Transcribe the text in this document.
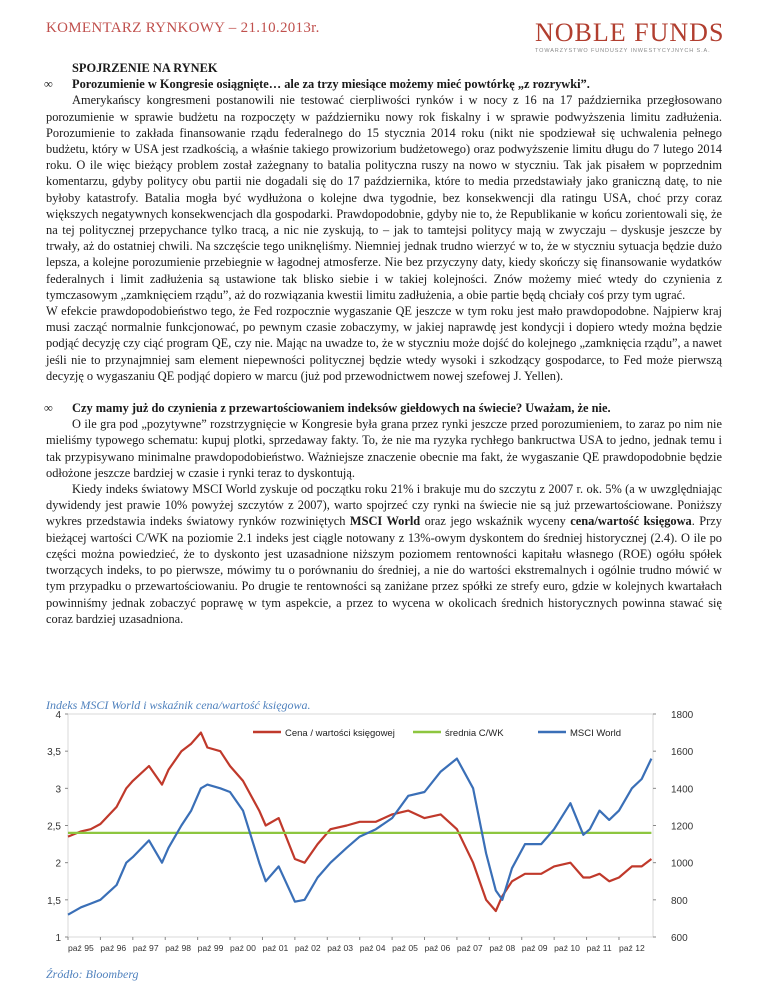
KOMENTARZ RYNKOWY – 21.10.2013r.	NOBLE FUNDS
TOWARZYSTWO FUNDUSZY INWESTYCYJNYCH S.A.

SPOJRZENIE NA RYNEK

∞ Porozumienie w Kongresie osiągnięte… ale za trzy miesiące możemy mieć powtórkę „z rozrywki”.

Amerykańscy kongresmeni postanowili nie testować cierpliwości rynków i w nocy z 16 na 17 października przegłosowano porozumienie w sprawie budżetu na rozpoczęty w październiku nowy rok fiskalny i w sprawie podwyższenia limitu zadłużenia. Porozumienie to zakłada finansowanie rządu federalnego do 15 stycznia 2014 roku (nikt nie spodziewał się uchwalenia pełnego budżetu, który w USA jest rzadkością, a właśnie takiego prowizorium budżetowego) oraz podwyższenie limitu długu do 7 lutego 2014 roku. O ile więc bieżący problem został zażegnany to batalia polityczna ruszy na nowo w styczniu. Tak jak pisałem w poprzednim komentarzu, gdyby politycy obu partii nie dogadali się do 17 października, które to media przedstawiały jako graniczną datę, to nie byłoby katastrofy. Batalia mogła być wydłużona o kolejne dwa tygodnie, bez konsekwencji dla ratingu USA, choć przy coraz większych negatywnych konsekwencjach dla gospodarki. Prawdopodobnie, gdyby nie to, że Republikanie w końcu zorientowali się, że na tej politycznej przepychance tylko tracą, a nic nie zyskują, to – jak to tamtejsi politycy mają w zwyczaju – dyskusje jeszcze by trwały, aż do ostatniej chwili. Na szczęście tego uniknęliśmy. Niemniej jednak trudno wierzyć w to, że w styczniu sytuacja będzie dużo lepsza, a kolejne porozumienie przebiegnie w łagodnej atmosferze. Nie bez przyczyny daty, kiedy skończy się finansowanie wydatków federalnych i limit zadłużenia są ustawione tak blisko siebie i w takiej kolejności. Znów możemy mieć wtedy do czynienia z tymczasowym „zamknięciem rządu”, aż do rozwiązania kwestii limitu zadłużenia, a obie partie będą chciały coś przy tym ugrać.

W efekcie prawdopodobieństwo tego, że Fed rozpocznie wygaszanie QE jeszcze w tym roku jest mało prawdopodobne. Najpierw kraj musi zacząć normalnie funkcjonować, po pewnym czasie zobaczymy, w jakiej naprawdę jest kondycji i dopiero wtedy można będzie podjąć decyzję czy ciąć program QE, czy nie. Mając na uwadze to, że w styczniu może dojść do kolejnego „zamknięcia rządu”, a nawet jeśli nie to przynajmniej sam element niepewności politycznej będzie wtedy wysoki i szkodzący gospodarce, to Fed może pierwszą decyzję o wygaszaniu QE podjąć dopiero w marcu (już pod przewodnictwem nowej szefowej J. Yellen).

∞ Czy mamy już do czynienia z przewartościowaniem indeksów giełdowych na świecie? Uważam, że nie.

O ile gra pod „pozytywne” rozstrzygnięcie w Kongresie była grana przez rynki jeszcze przed porozumieniem, to zaraz po nim nie mieliśmy typowego schematu: kupuj plotki, sprzedaway fakty. To, że nie ma ryzyka rychłego bankructwa USA to jedno, jednak temu i tak przypisywano minimalne prawdopodobieństwo. Ważniejsze znaczenie obecnie ma fakt, że wygaszanie QE prawdopodobnie będzie odłożone jeszcze bardziej w czasie i rynki teraz to dyskontują.

Kiedy indeks światowy MSCI World zyskuje od początku roku 21% i brakuje mu do szczytu z 2007 r. ok. 5% (a w uwzględniając dywidendy jest prawie 10% powyżej szczytów z 2007), warto spojrzeć czy rynki na świecie nie są już przewartościowane. Poniższy wykres przedstawia indeks światowy rynków rozwiniętych MSCI World oraz jego wskaźnik wyceny cena/wartość księgowa. Przy bieżącej wartości C/WK na poziomie 2.1 indeks jest ciągle notowany z 13%-owym dyskontem do średniej historycznej (2.4). O ile po części można powiedzieć, że to dyskonto jest uzasadnione niższym poziomem rentowności kapitału własnego (ROE) ogółu spółek tworzących indeks, to po pierwsze, mówimy tu o porównaniu do średniej, a nie do wartości ekstremalnych i ogólnie trudno mówić w tym przypadku o przewartościowaniu. Po drugie te rentowności są zaniżane przez spółki ze strefy euro, gdzie w kolejnych kwartałach powinniśmy jednak zobaczyć poprawę w tym aspekcie, a przez to wycena w okolicach średnich historycznych powinna stawać się coraz bardziej uzasadniona.

Indeks MSCI World i wskaźnik cena/wartość księgowa.
1
1,5
2
2,5
3
3,5
4
600
800
1000
1200
1400
1600
1800
paź 95 paź 96 paź 97 paź 98 paź 99 paź 00 paź 01 paź 02 paź 03 paź 04 paź 05 paź 06 paź 07 paź 08 paź 09 paź 10 paź 11 paź 12
Cena / wartości księgowej	średnia C/WK	MSCI World
Źródło: Bloomberg
